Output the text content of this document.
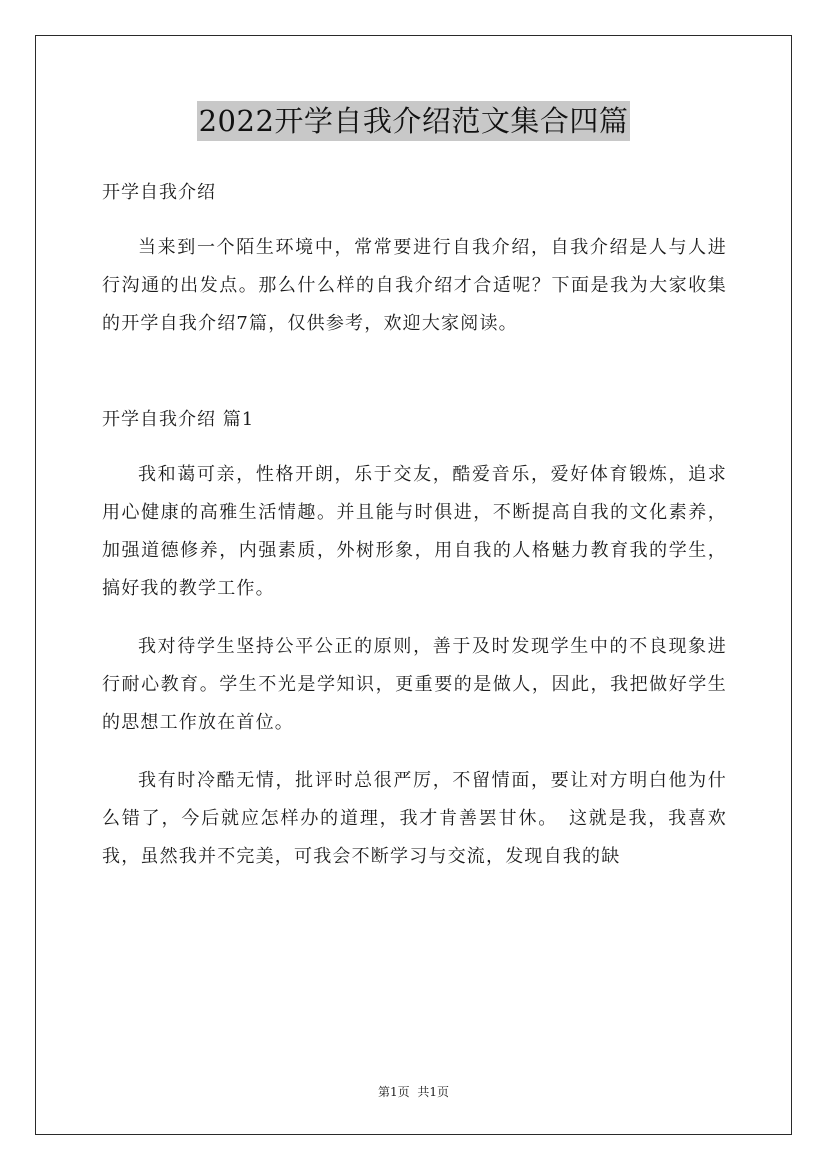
2022开学自我介绍范文集合四篇

开学自我介绍

当来到一个陌生环境中，常常要进行自我介绍，自我介绍是人与人进行沟通的出发点。那么什么样的自我介绍才合适呢？下面是我为大家收集的开学自我介绍7篇，仅供参考，欢迎大家阅读。

开学自我介绍 篇1

我和蔼可亲，性格开朗，乐于交友，酷爱音乐，爱好体育锻炼，追求用心健康的高雅生活情趣。并且能与时俱进，不断提高自我的文化素养，加强道德修养，内强素质，外树形象，用自我的人格魅力教育我的学生，搞好我的教学工作。

我对待学生坚持公平公正的原则，善于及时发现学生中的不良现象进行耐心教育。学生不光是学知识，更重要的是做人，因此，我把做好学生的思想工作放在首位。

我有时冷酷无情，批评时总很严厉，不留情面，要让对方明白他为什么错了，今后就应怎样办的道理，我才肯善罢甘休。　这就是我，我喜欢我，虽然我并不完美，可我会不断学习与交流，发现自我的缺

第1页 共1页
